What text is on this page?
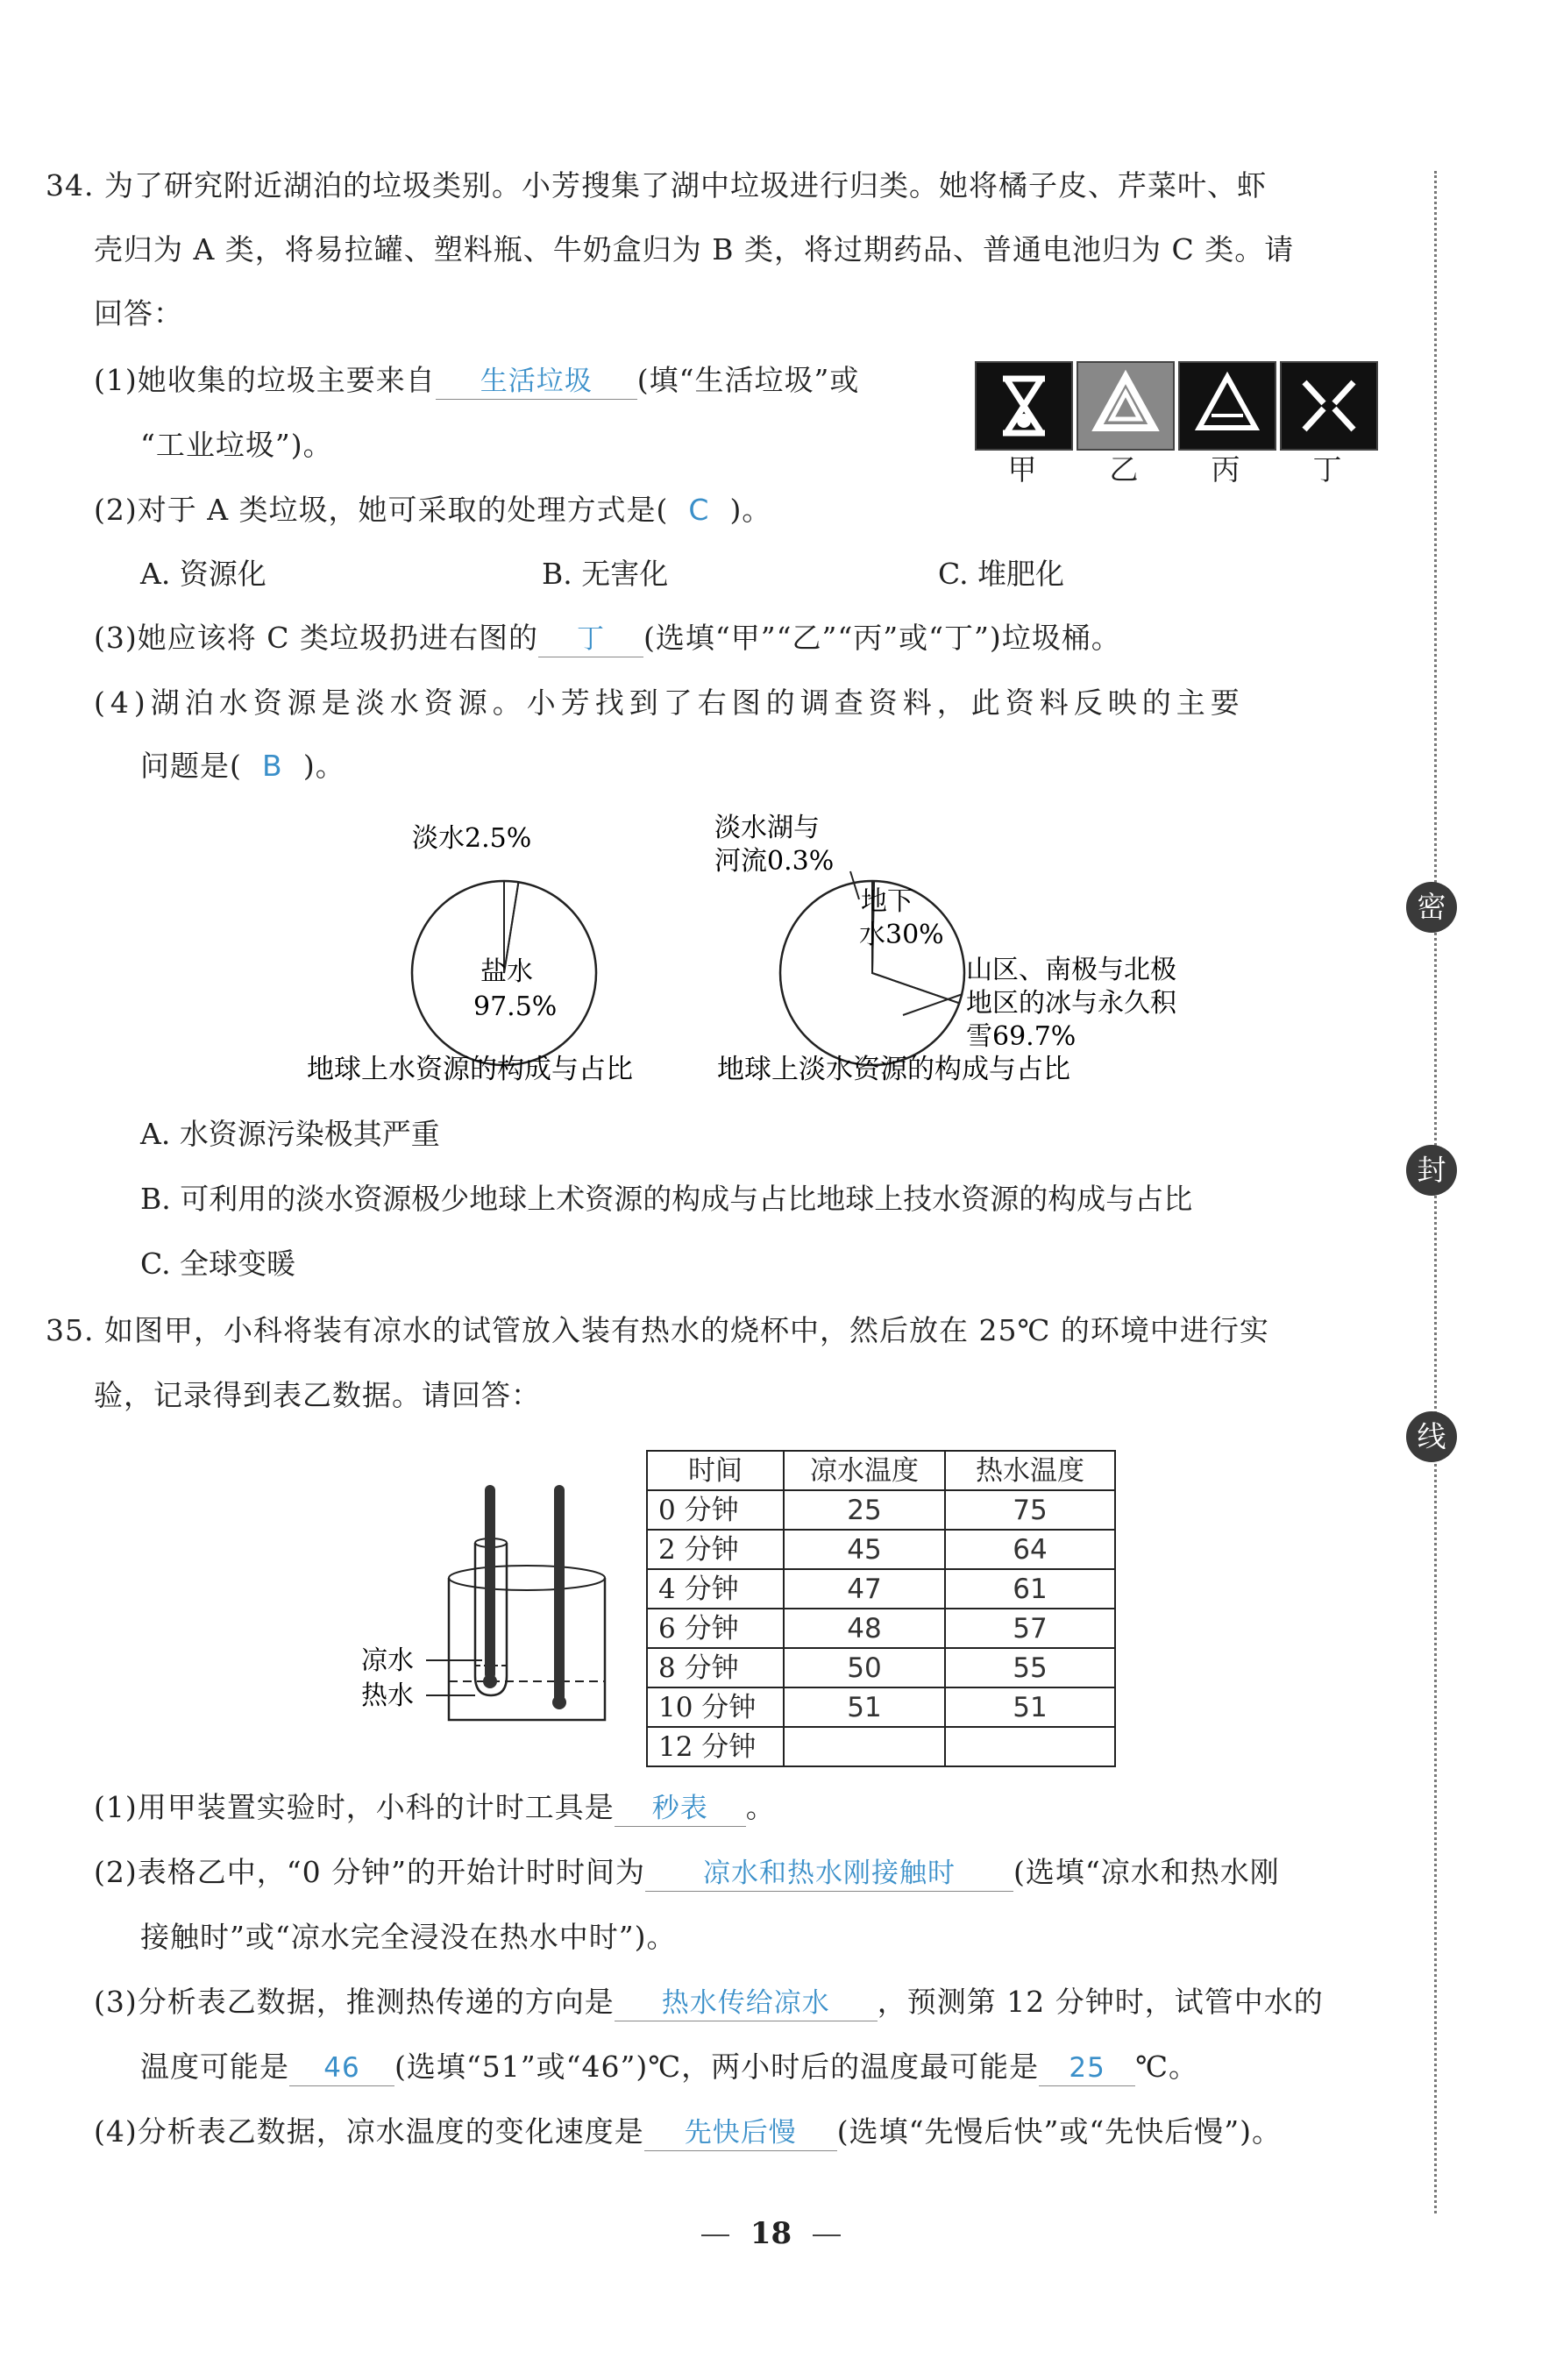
34. 为了研究附近湖泊的垃圾类别。小芳搜集了湖中垃圾进行归类。她将橘子皮、芹菜叶、虾
壳归为 A 类，将易拉罐、塑料瓶、牛奶盒归为 B 类，将过期药品、普通电池归为 C 类。请
回答：
(1)她收集的垃圾主要来自 生活垃圾 (填“生活垃圾”或
“工业垃圾”)。
甲	乙	丙	丁
(2)对于 A 类垃圾，她可采取的处理方式是( C )。
A. 资源化	B. 无害化	C. 堆肥化
(3)她应该将 C 类垃圾扔进右图的 丁 (选填“甲”“乙”“丙”或“丁”)垃圾桶。
(4)湖泊水资源是淡水资源。小芳找到了右图的调查资料，此资料反映的主要
问题是( B )。
淡水2.5%
盐水
97.5%
地球上水资源的构成与占比
淡水湖与
河流0.3%
地下
水30%
山区、南极与北极
地区的冰与永久积
雪69.7%
地球上淡水资源的构成与占比
A. 水资源污染极其严重
B. 可利用的淡水资源极少地球上术资源的构成与占比地球上技水资源的构成与占比
C. 全球变暖
35. 如图甲，小科将装有凉水的试管放入装有热水的烧杯中，然后放在 25℃ 的环境中进行实
验，记录得到表乙数据。请回答：
凉水
热水
时间	凉水温度	热水温度
0 分钟	25	75
2 分钟	45	64
4 分钟	47	61
6 分钟	48	57
8 分钟	50	55
10 分钟	51	51
12 分钟		
(1)用甲装置实验时，小科的计时工具是 秒表 。
(2)表格乙中，“0 分钟”的开始计时时间为 凉水和热水刚接触时 (选填“凉水和热水刚
接触时”或“凉水完全浸没在热水中时”)。
(3)分析表乙数据，推测热传递的方向是 热水传给凉水 ，预测第 12 分钟时，试管中水的
温度可能是 46 (选填“51”或“46”)℃，两小时后的温度最可能是 25 ℃。
(4)分析表乙数据，凉水温度的变化速度是 先快后慢 (选填“先慢后快”或“先快后慢”)。
密
封
线
18
